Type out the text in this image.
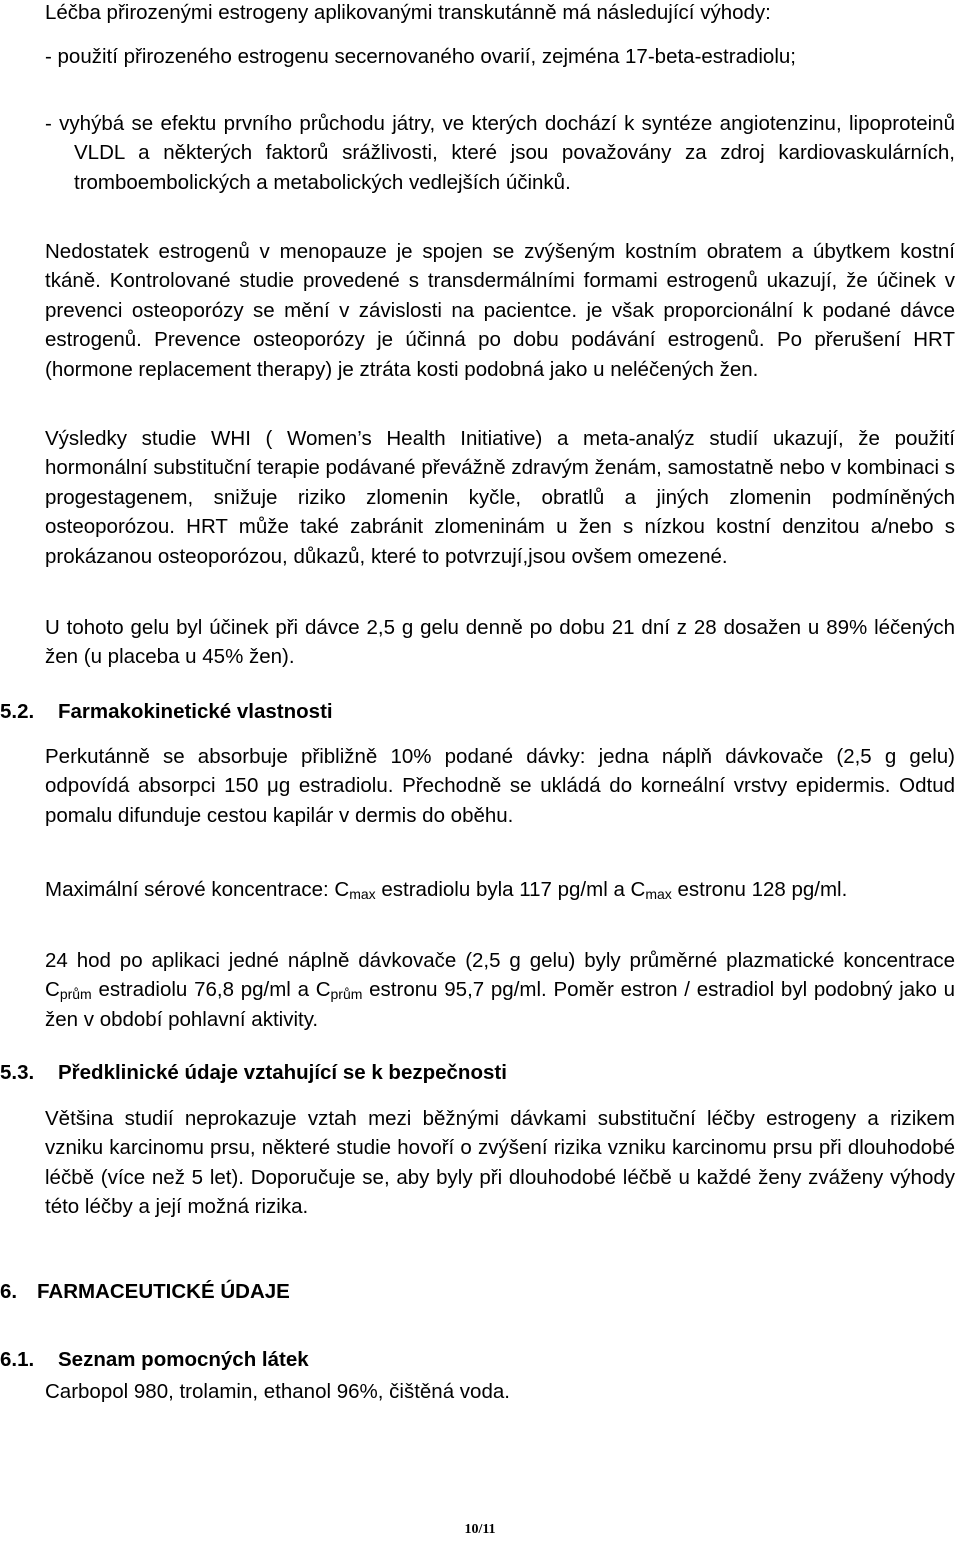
Léčba přirozenými estrogeny aplikovanými transkutánně má následující výhody:

- použití přirozeného estrogenu secernovaného ovarií, zejména 17-beta-estradiolu;

- vyhýbá se efektu prvního průchodu játry, ve kterých dochází k syntéze angiotenzinu, lipoproteinů VLDL a některých faktorů srážlivosti, které jsou považovány za zdroj kardiovaskulárních, tromboembolických a metabolických vedlejších účinků.

Nedostatek estrogenů v menopauze je spojen se zvýšeným kostním obratem a úbytkem kostní tkáně. Kontrolované studie provedené s transdermálními formami estrogenů ukazují, že účinek v prevenci osteoporózy se mění v závislosti na pacientce. je však proporcionální k podané dávce estrogenů. Prevence osteoporózy je účinná po dobu podávání estrogenů. Po přerušení HRT (hormone replacement therapy) je ztráta kosti podobná jako u neléčených žen.

Výsledky studie WHI ( Women’s Health Initiative) a meta-analýz studií ukazují, že použití hormonální substituční terapie podávané převážně zdravým ženám, samostatně nebo v kombinaci s progestagenem, snižuje riziko zlomenin kyčle, obratlů a jiných zlomenin podmíněných osteoporózou. HRT může také zabránit zlomeninám u žen s nízkou kostní denzitou a/nebo s prokázanou osteoporózou, důkazů, které to potvrzují,jsou ovšem omezené.

U tohoto gelu byl účinek při dávce 2,5 g gelu denně po dobu 21 dní z 28 dosažen u 89% léčených žen (u placeba u 45% žen).

5.2. Farmakokinetické vlastnosti

Perkutánně se absorbuje přibližně 10% podané dávky: jedna náplň dávkovače (2,5 g gelu) odpovídá absorpci 150 μg estradiolu. Přechodně se ukládá do korneální vrstvy epidermis. Odtud pomalu difunduje cestou kapilár v dermis do oběhu.

Maximální sérové koncentrace: $C_{max}$ estradiolu byla 117 pg/ml a $C_{max}$ estronu 128 pg/ml.

24 hod po aplikaci jedné náplně dávkovače (2,5 g gelu) byly průměrné plazmatické koncentrace $C_{prům}$ estradiolu 76,8 pg/ml a $C_{prům}$ estronu 95,7 pg/ml. Poměr estron / estradiol byl podobný jako u žen v období pohlavní aktivity.

5.3. Předklinické údaje vztahující se k bezpečnosti

Většina studií neprokazuje vztah mezi běžnými dávkami substituční léčby estrogeny a rizikem vzniku karcinomu prsu, některé studie hovoří o zvýšení rizika vzniku karcinomu prsu při dlouhodobé léčbě (více než 5 let). Doporučuje se, aby byly při dlouhodobé léčbě u každé ženy zváženy výhody této léčby a její možná rizika.

6. FARMACEUTICKÉ ÚDAJE
6.1. Seznam pomocných látek

Carbopol 980, trolamin, ethanol 96%, čištěná voda.

10/11
